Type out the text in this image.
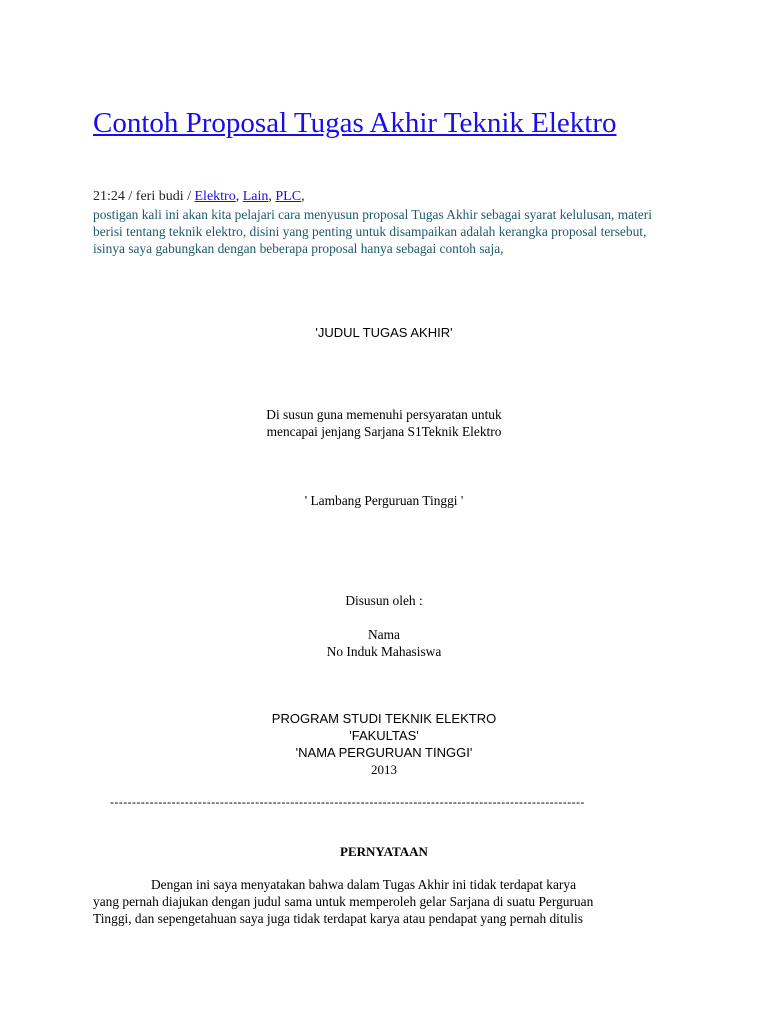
Contoh Proposal Tugas Akhir Teknik Elektro
21:24 / feri budi / Elektro, Lain, PLC,
postigan kali ini akan kita pelajari cara menyusun proposal Tugas Akhir sebagai syarat kelulusan, materi berisi tentang teknik elektro, disini yang penting untuk disampaikan adalah kerangka proposal tersebut, isinya saya gabungkan dengan beberapa proposal hanya sebagai contoh saja,
'JUDUL TUGAS AKHIR'
Di susun guna memenuhi persyaratan untuk
mencapai jenjang Sarjana S1Teknik Elektro
' Lambang Perguruan Tinggi '
Disusun oleh :
Nama
No Induk Mahasiswa
PROGRAM STUDI TEKNIK ELEKTRO
'FAKULTAS'
'NAMA PERGURUAN TINGGI'
2013
------------------------------------------------------------------------------------------------------------
PERNYATAAN
Dengan ini saya menyatakan bahwa dalam Tugas Akhir ini tidak terdapat karya
yang pernah diajukan dengan judul sama untuk memperoleh gelar Sarjana di suatu Perguruan
Tinggi, dan sepengetahuan saya juga tidak terdapat karya atau pendapat yang pernah ditulis
